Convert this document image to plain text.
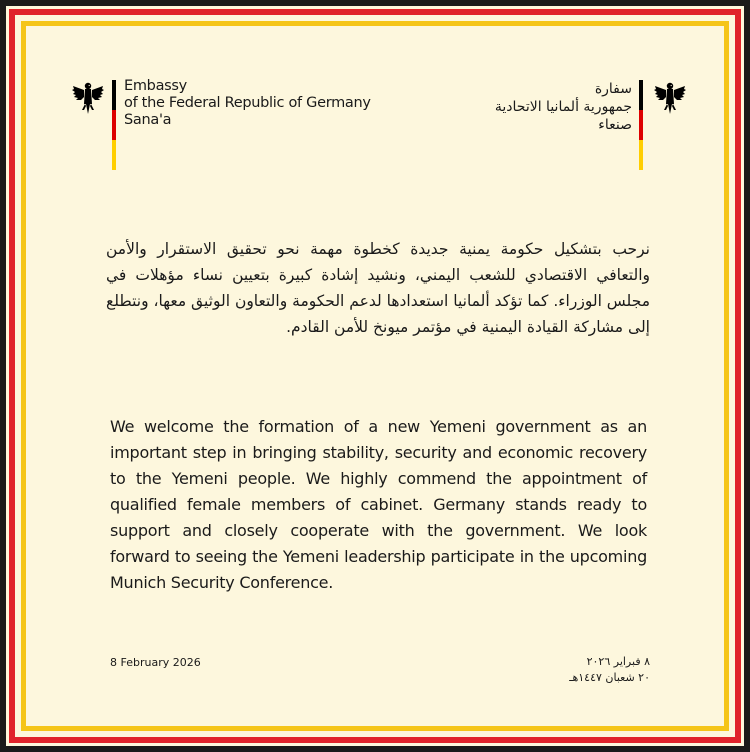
Embassy
of the Federal Republic of Germany
Sana'a
سفارة
جمهورية ألمانيا الاتحادية
صنعاء
نرحب بتشكيل حكومة يمنية جديدة كخطوة مهمة نحو تحقيق الاستقرار والأمن والتعافي الاقتصادي للشعب اليمني، ونشيد إشادة كبيرة بتعيين نساء مؤهلات في مجلس الوزراء. كما تؤكد ألمانيا استعدادها لدعم الحكومة والتعاون الوثيق معها، ونتطلع إلى مشاركة القيادة اليمنية في مؤتمر ميونخ للأمن القادم.
We welcome the formation of a new Yemeni government as an important step in bringing stability, security and economic recovery to the Yemeni people. We highly commend the appointment of qualified female members of cabinet. Germany stands ready to support and closely cooperate with the government. We look forward to seeing the Yemeni leadership participate in the upcoming Munich Security Conference.
8 February 2026	٨ فبراير ٢٠٢٦
٢٠ شعبان ١٤٤٧هـ
